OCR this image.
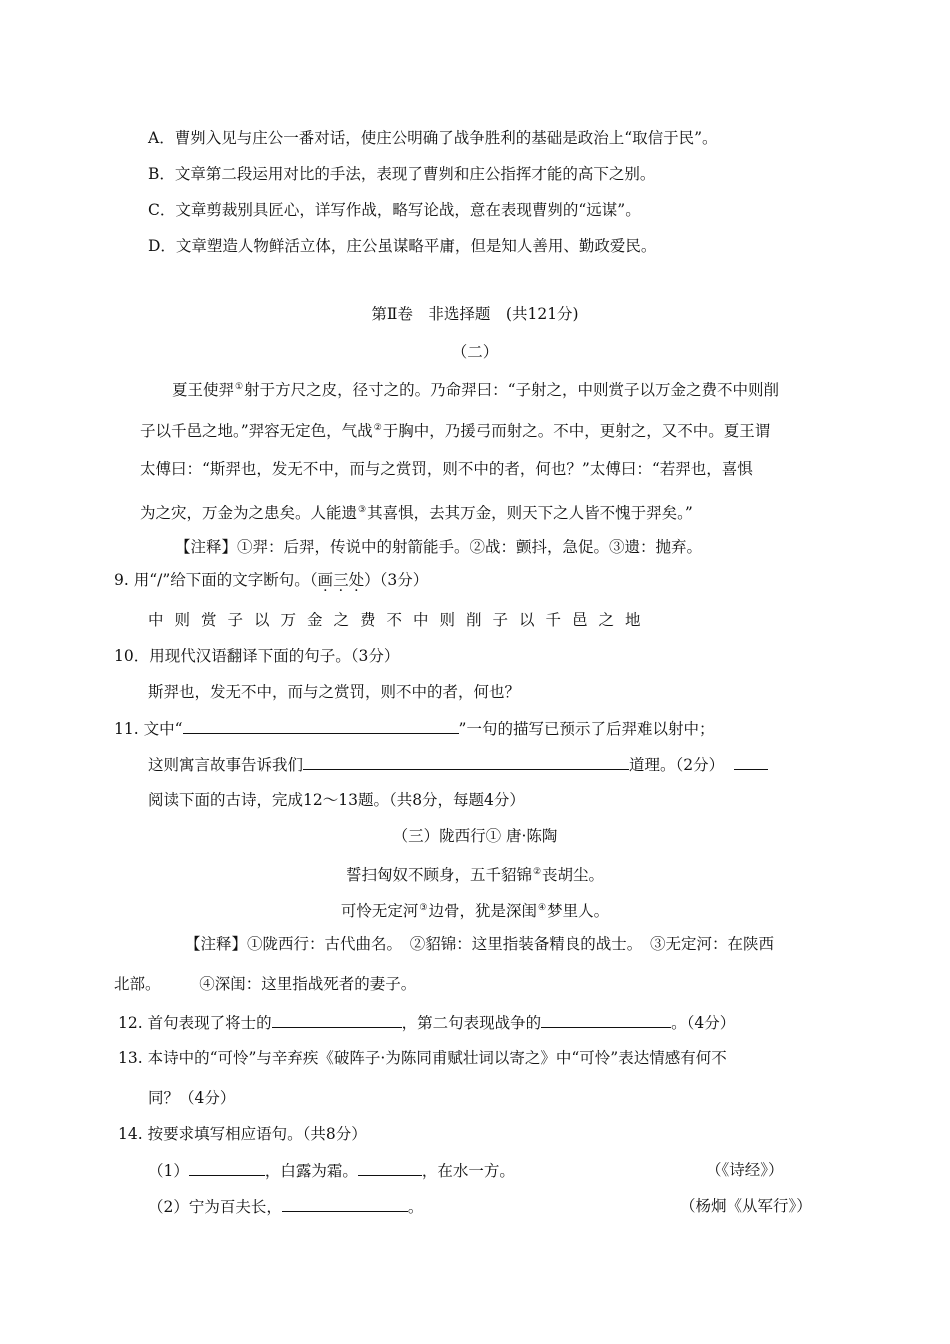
A．曹刿入见与庄公一番对话，使庄公明确了战争胜利的基础是政治上“取信于民”。
B．文章第二段运用对比的手法，表现了曹刿和庄公指挥才能的高下之别。
C．文章剪裁别具匠心，详写作战，略写论战，意在表现曹刿的“远谋”。
D．文章塑造人物鲜活立体，庄公虽谋略平庸，但是知人善用、勤政爱民。
第Ⅱ卷　非选择题　(共121分)
（二）
夏王使羿①射于方尺之皮，径寸之的。乃命羿曰：“子射之，中则赏子以万金之费不中则削
子以千邑之地。”羿容无定色，气战②于胸中，乃援弓而射之。不中，更射之，又不中。夏王谓
太傅曰：“斯羿也，发无不中，而与之赏罚，则不中的者，何也？”太傅曰：“若羿也，喜惧
为之灾，万金为之患矣。人能遗③其喜惧，去其万金，则天下之人皆不愧于羿矣。”
【注释】①羿：后羿，传说中的射箭能手。②战：颤抖，急促。③遗：抛弃。
9. 用“/”给下面的文字断句。（画三处）（3分）
中则赏子以万金之费不中则削子以千邑之地
10．用现代汉语翻译下面的句子。（3分）
斯羿也，发无不中，而与之赏罚，则不中的者，何也？
11. 文中“	”一句的描写已预示了后羿难以射中；
这则寓言故事告诉我们	道理。（2分）
阅读下面的古诗，完成12～13题。（共8分，每题4分）
（三）陇西行① 唐·陈陶
誓扫匈奴不顾身，五千貂锦②丧胡尘。
可怜无定河③边骨，犹是深闺④梦里人。
【注释】①陇西行：古代曲名。　②貂锦：这里指装备精良的战士。　③无定河：在陕西
北部。　　　④深闺：这里指战死者的妻子。
12. 首句表现了将士的	，第二句表现战争的	。（4分）
13. 本诗中的“可怜”与辛弃疾《破阵子·为陈同甫赋壮词以寄之》中“可怜”表达情感有何不
同？（4分）
14. 按要求填写相应语句。（共8分）
（1）	，白露为霜。	，在水一方。	（《诗经》）
（2）宁为百夫长，	。	（杨炯《从军行》）
